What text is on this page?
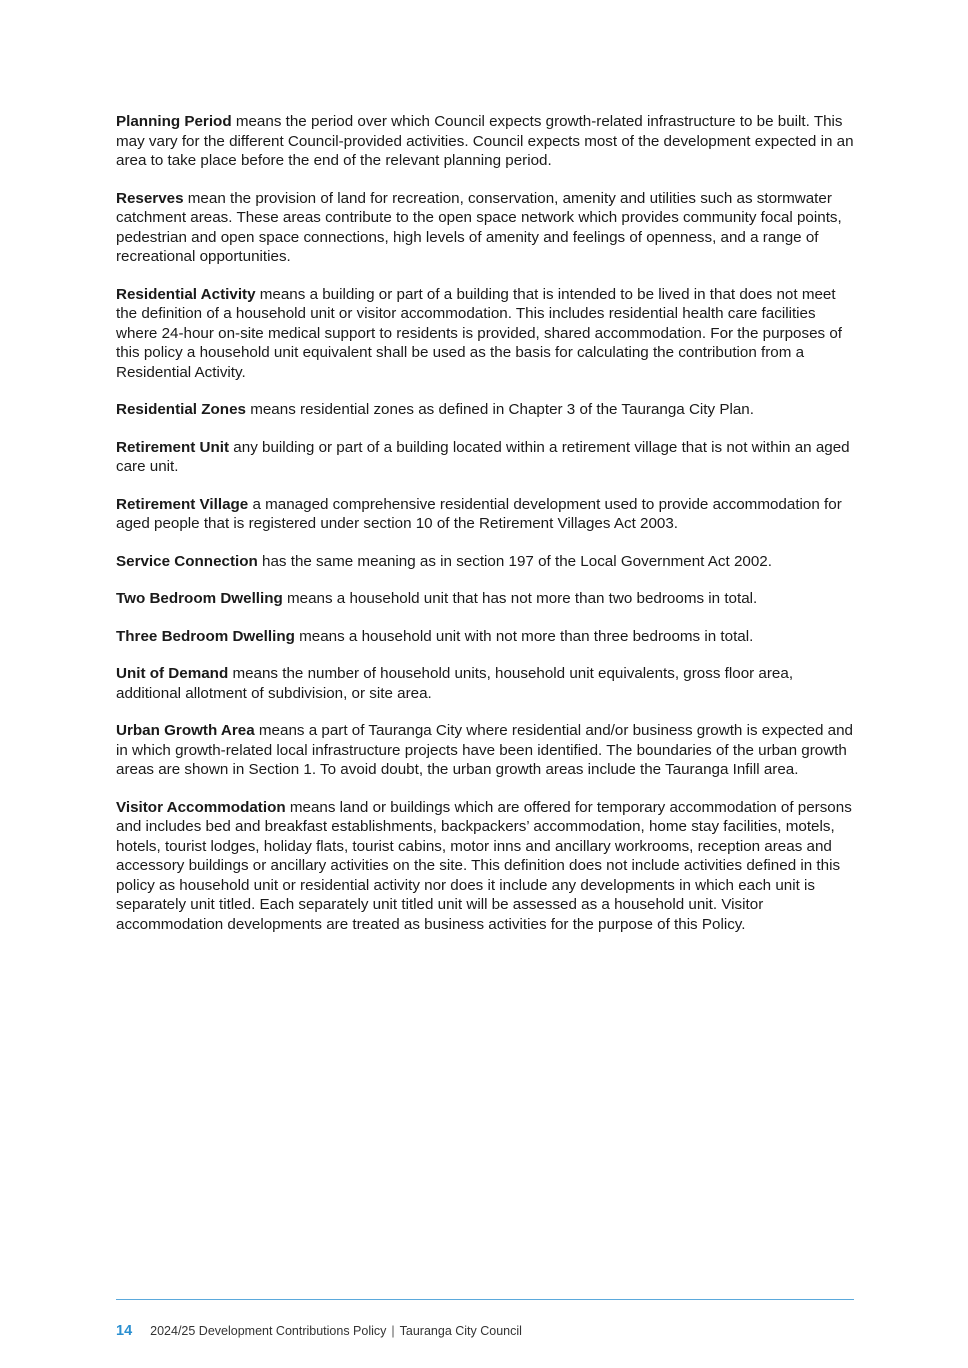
Planning Period means the period over which Council expects growth-related infrastructure to be built. This may vary for the different Council-provided activities. Council expects most of the development expected in an area to take place before the end of the relevant planning period.

Reserves mean the provision of land for recreation, conservation, amenity and utilities such as stormwater catchment areas. These areas contribute to the open space network which provides community focal points, pedestrian and open space connections, high levels of amenity and feelings of openness, and a range of recreational opportunities.

Residential Activity means a building or part of a building that is intended to be lived in that does not meet the definition of a household unit or visitor accommodation. This includes residential health care facilities where 24-hour on-site medical support to residents is provided, shared accommodation. For the purposes of this policy a household unit equivalent shall be used as the basis for calculating the contribution from a Residential Activity.

Residential Zones means residential zones as defined in Chapter 3 of the Tauranga City Plan.

Retirement Unit any building or part of a building located within a retirement village that is not within an aged care unit.

Retirement Village a managed comprehensive residential development used to provide accommodation for aged people that is registered under section 10 of the Retirement Villages Act 2003.

Service Connection has the same meaning as in section 197 of the Local Government Act 2002.

Two Bedroom Dwelling means a household unit that has not more than two bedrooms in total.

Three Bedroom Dwelling means a household unit with not more than three bedrooms in total.

Unit of Demand means the number of household units, household unit equivalents, gross floor area, additional allotment of subdivision, or site area.

Urban Growth Area means a part of Tauranga City where residential and/or business growth is expected and in which growth-related local infrastructure projects have been identified. The boundaries of the urban growth areas are shown in Section 1. To avoid doubt, the urban growth areas include the Tauranga Infill area.

Visitor Accommodation means land or buildings which are offered for temporary accommodation of persons and includes bed and breakfast establishments, backpackers’ accommodation, home stay facilities, motels, hotels, tourist lodges, holiday flats, tourist cabins, motor inns and ancillary workrooms, reception areas and accessory buildings or ancillary activities on the site. This definition does not include activities defined in this policy as household unit or residential activity nor does it include any developments in which each unit is separately unit titled. Each separately unit titled unit will be assessed as a household unit. Visitor accommodation developments are treated as business activities for the purpose of this Policy.

14 2024/25 Development Contributions Policy | Tauranga City Council
